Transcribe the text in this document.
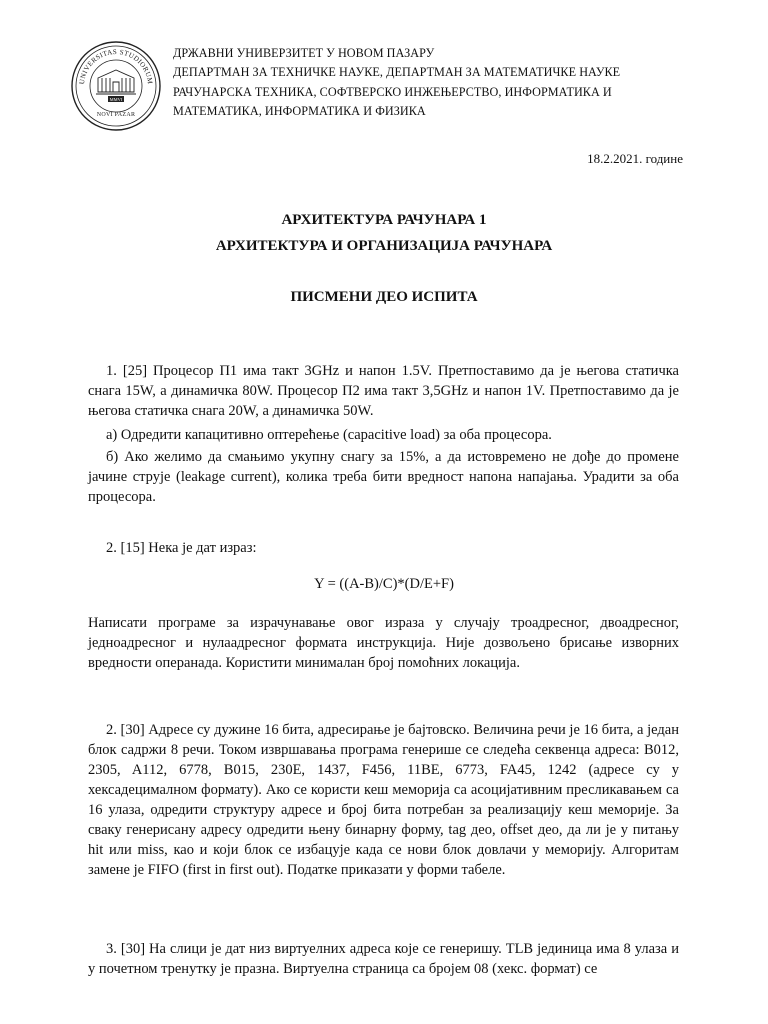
UNIVERSITAS STUDIORUM
MMVI
NOVI PAZAR
ДРЖАВНИ УНИВЕРЗИТЕТ У НОВОМ ПАЗАРУ
ДЕПАРТМАН ЗА ТЕХНИЧКЕ НАУКЕ, ДЕПАРТМАН ЗА МАТЕМАТИЧКЕ НАУКЕ
РАЧУНАРСКА ТЕХНИКА, СОФТВЕРСКО ИНЖЕЊЕРСТВО, ИНФОРМАТИКА И
МАТЕМАТИКА, ИНФОРМАТИКА И ФИЗИКА
18.2.2021. године
АРХИТЕКТУРА РАЧУНАРА 1
АРХИТЕКТУРА И ОРГАНИЗАЦИЈА РАЧУНАРА
ПИСМЕНИ ДЕО ИСПИТА
1. [25] Процесор П1 има такт 3GHz и напон 1.5V. Претпоставимо да је његова статичка снага 15W, а динамичка 80W. Процесор П2 има такт 3,5GHz и напон 1V. Претпоставимо да је његова статичка снага 20W, а динамичка 50W.
а) Одредити капацитивно оптерећење (capacitive load) за оба процесора.
б) Ако желимо да смањимо укупну снагу за 15%, а да истовремено не дође до промене јачине струје (leakage current), колика треба бити вредност напона напајања. Урадити за оба процесора.
2. [15] Нека је дат израз:
Y = ((A-B)/C)*(D/E+F)
Написати програме за израчунавање овог израза у случају троадресног, двоадресног, једноадресног и нулаадресног формата инструкција. Није дозвољено брисање изворних вредности операнада. Користити минималан број помоћних локација.
2. [30] Адресе су дужине 16 бита, адресирање је бајтовско. Величина речи је 16 бита, а један блок садржи 8 речи. Током извршавања програма генерише се следећа секвенца адреса: B012, 2305, A112, 6778, B015, 230E, 1437, F456, 11BE, 6773, FA45, 1242 (адресе су у хексадецималном формату). Ако се користи кеш меморија са асоцијативним пресликавањем са 16 улаза, одредити структуру адресе и број бита потребан за реализацију кеш меморије. За сваку генерисану адресу одредити њену бинарну форму, tag део, offset део, да ли је у питању hit или miss, као и који блок се избацује када се нови блок довлачи у меморију. Алгоритам замене је FIFO (first in first out). Податке приказати у форми табеле.
3. [30] На слици је дат низ виртуелних адреса које се генеришу. TLB јединица има 8 улаза и у почетном тренутку је празна. Виртуелна страница са бројем 08 (хекс. формат) се
